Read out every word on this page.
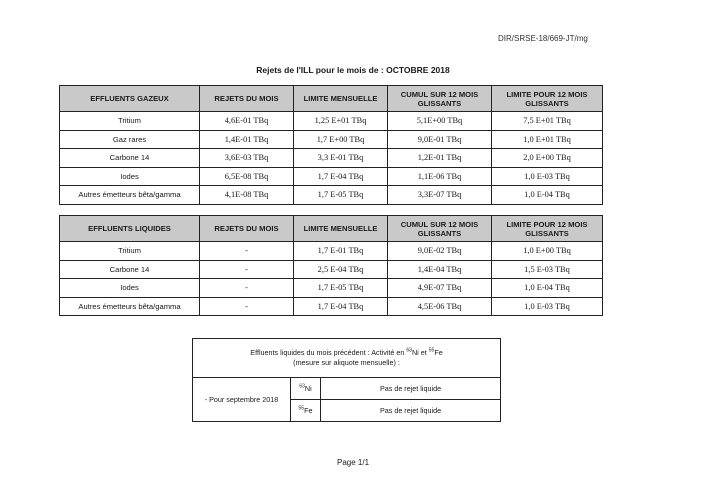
DIR/SRSE-18/669-JT/mg
Rejets de l'ILL pour le mois de : OCTOBRE 2018
EFFLUENTS GAZEUX	REJETS DU MOIS	LIMITE MENSUELLE	CUMUL SUR 12 MOIS GLISSANTS	LIMITE POUR 12 MOIS GLISSANTS
Tritium	4,6E-01 TBq	1,25 E+01 TBq	5,1E+00 TBq	7,5 E+01 TBq
Gaz rares	1,4E-01 TBq	1,7 E+00 TBq	9,0E-01 TBq	1,0 E+01 TBq
Carbone 14	3,6E-03 TBq	3,3 E-01 TBq	1,2E-01 TBq	2,0 E+00 TBq
Iodes	6,5E-08 TBq	1,7 E-04 TBq	1,1E-06 TBq	1,0 E-03 TBq
Autres émetteurs bêta/gamma	4,1E-08 TBq	1,7 E-05 TBq	3,3E-07 TBq	1,0 E-04 TBq
EFFLUENTS LIQUIDES	REJETS DU MOIS	LIMITE MENSUELLE	CUMUL SUR 12 MOIS GLISSANTS	LIMITE POUR 12 MOIS GLISSANTS
Tritium	-	1,7 E-01 TBq	9,0E-02 TBq	1,0 E+00 TBq
Carbone 14	-	2,5 E-04 TBq	1,4E-04 TBq	1,5 E-03 TBq
Iodes	-	1,7 E-05 TBq	4,9E-07 TBq	1,0 E-04 TBq
Autres émetteurs bêta/gamma	-	1,7 E-04 TBq	4,5E-06 TBq	1,0 E-03 TBq
Effluents liquides du mois précédent : Activité en $^{63}$Ni et $^{55}$Fe
(mesure sur aliquote mensuelle) :		
- Pour septembre 2018	$^{63}$Ni	Pas de rejet liquide
	$^{55}$Fe	Pas de rejet liquide
Page 1/1
